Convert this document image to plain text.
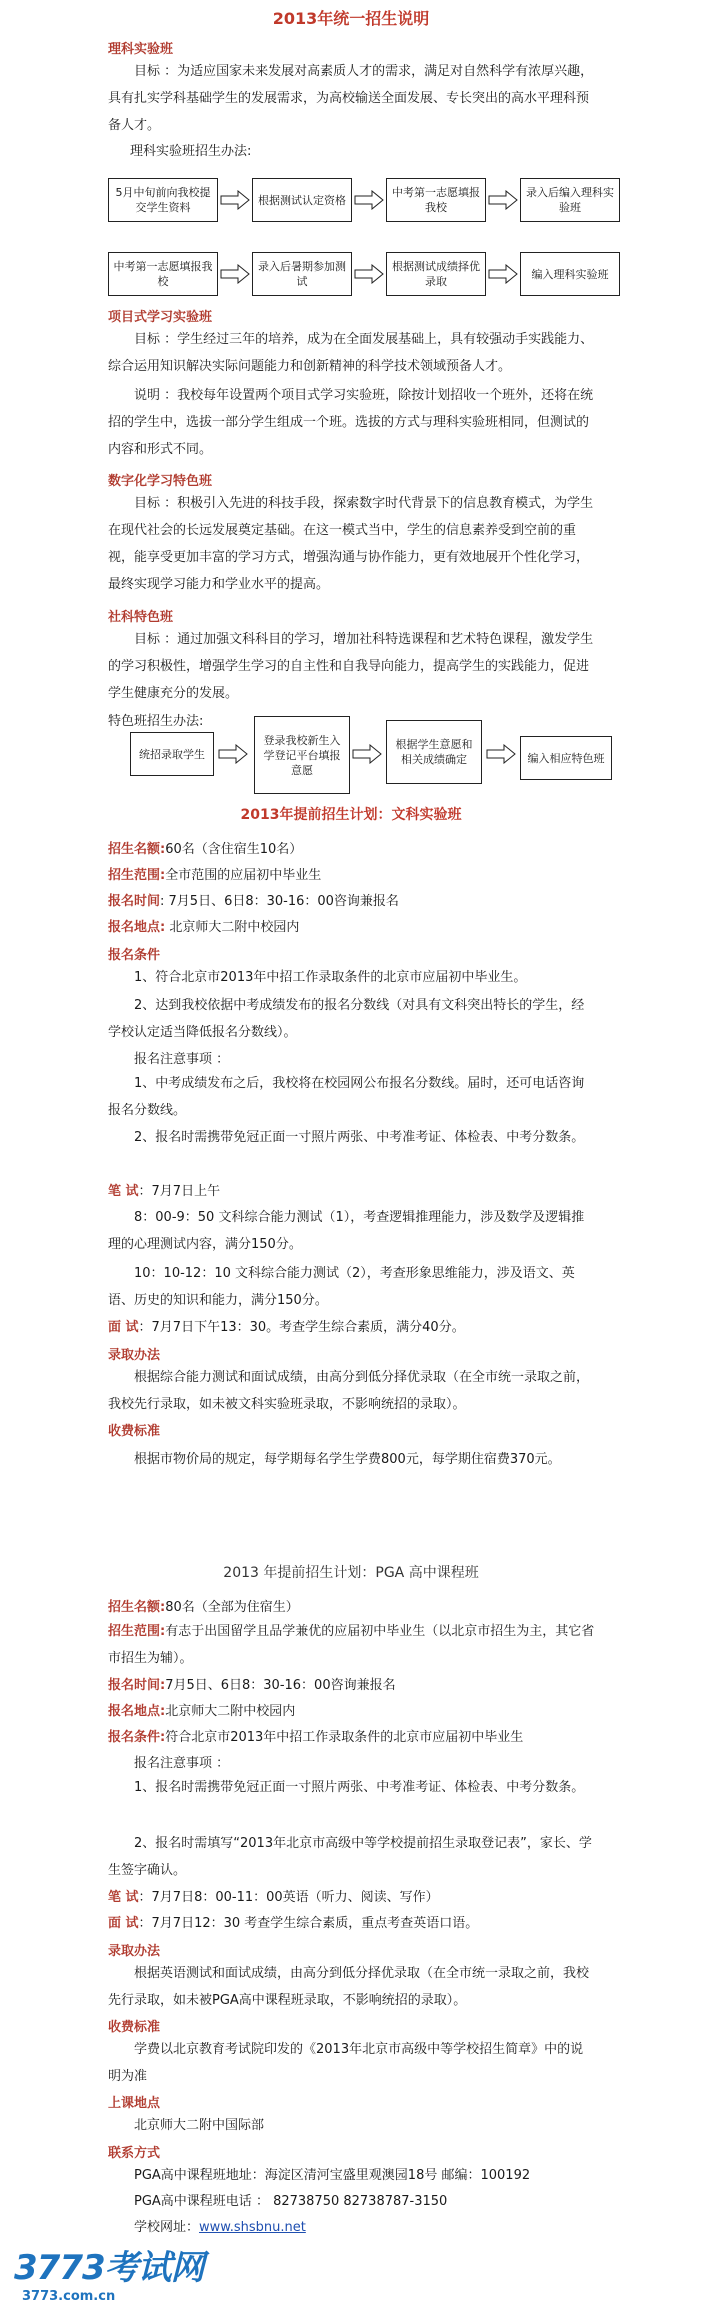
2013年统一招生说明
理科实验班
目标 ：为适应国家未来发展对高素质人才的需求，满足对自然科学有浓厚兴趣，具有扎实学科基础学生的发展需求，为高校输送全面发展、专长突出的高水平理科预备人才。
理科实验班招生办法:
5月中旬前向我校提交学生资料
根据测试认定资格
中考第一志愿填报我校
录入后编入理科实验班
中考第一志愿填报我校
录入后暑期参加测试
根据测试成绩择优录取
编入理科实验班
项目式学习实验班
目标 ：学生经过三年的培养，成为在全面发展基础上，具有较强动手实践能力、综合运用知识解决实际问题能力和创新精神的科学技术领域预备人才。
说明 ：我校每年设置两个项目式学习实验班，除按计划招收一个班外，还将在统招的学生中，选拔一部分学生组成一个班。选拔的方式与理科实验班相同，但测试的内容和形式不同。
数字化学习特色班
目标 ：积极引入先进的科技手段，探索数字时代背景下的信息教育模式，为学生在现代社会的长远发展奠定基础。在这一模式当中，学生的信息素养受到空前的重视，能享受更加丰富的学习方式，增强沟通与协作能力，更有效地展开个性化学习，最终实现学习能力和学业水平的提高。
社科特色班
目标 ：通过加强文科科目的学习，增加社科特选课程和艺术特色课程，激发学生的学习积极性，增强学生学习的自主性和自我导向能力，提高学生的实践能力，促进学生健康充分的发展。
特色班招生办法:
统招录取学生
登录我校新生入学登记平台填报意愿
根据学生意愿和相关成绩确定	编入相应特色班
2013年提前招生计划：文科实验班
招生名额:60名（含住宿生10名）
招生范围:全市范围的应届初中毕业生
报名时间: 7月5日、6日8：30-16：00咨询兼报名
报名地点: 北京师大二附中校园内
报名条件
1、符合北京市2013年中招工作录取条件的北京市应届初中毕业生。
2、达到我校依据中考成绩发布的报名分数线（对具有文科突出特长的学生，经学校认定适当降低报名分数线）。
报名注意事项 ：
1、中考成绩发布之后，我校将在校园网公布报名分数线。届时，还可电话咨询报名分数线。
2、报名时需携带免冠正面一寸照片两张、中考准考证、体检表、中考分数条。
笔 试：7月7日上午
8：00-9：50 文科综合能力测试（1），考查逻辑推理能力，涉及数学及逻辑推理的心理测试内容，满分150分。
10：10-12：10 文科综合能力测试（2），考查形象思维能力，涉及语文、英语、历史的知识和能力，满分150分。
面 试：7月7日下午13：30。考查学生综合素质，满分40分。
录取办法
根据综合能力测试和面试成绩，由高分到低分择优录取（在全市统一录取之前，我校先行录取，如未被文科实验班录取，不影响统招的录取）。
收费标准
根据市物价局的规定，每学期每名学生学费800元，每学期住宿费370元。
2013 年提前招生计划：PGA 高中课程班
招生名额:80名（全部为住宿生）
招生范围:有志于出国留学且品学兼优的应届初中毕业生（以北京市招生为主，其它省市招生为辅）。
报名时间:7月5日、6日8：30-16：00咨询兼报名
报名地点:北京师大二附中校园内
报名条件:符合北京市2013年中招工作录取条件的北京市应届初中毕业生
报名注意事项 ：
1、报名时需携带免冠正面一寸照片两张、中考准考证、体检表、中考分数条。
2、报名时需填写“2013年北京市高级中等学校提前招生录取登记表”，家长、学生签字确认。
笔 试：7月7日8：00-11：00英语（听力、阅读、写作）
面 试：7月7日12：30 考查学生综合素质，重点考查英语口语。
录取办法
根据英语测试和面试成绩，由高分到低分择优录取（在全市统一录取之前，我校先行录取，如未被PGA高中课程班录取，不影响统招的录取）。
收费标准
学费以北京教育考试院印发的《2013年北京市高级中等学校招生简章》中的说明为准
上课地点
北京师大二附中国际部
联系方式
PGA高中课程班地址：海淀区清河宝盛里观澳园18号 邮编：100192
PGA高中课程班电话 ： 82738750 82738787-3150
学校网址：www.shsbnu.net
3773考试网
3773.com.cn
